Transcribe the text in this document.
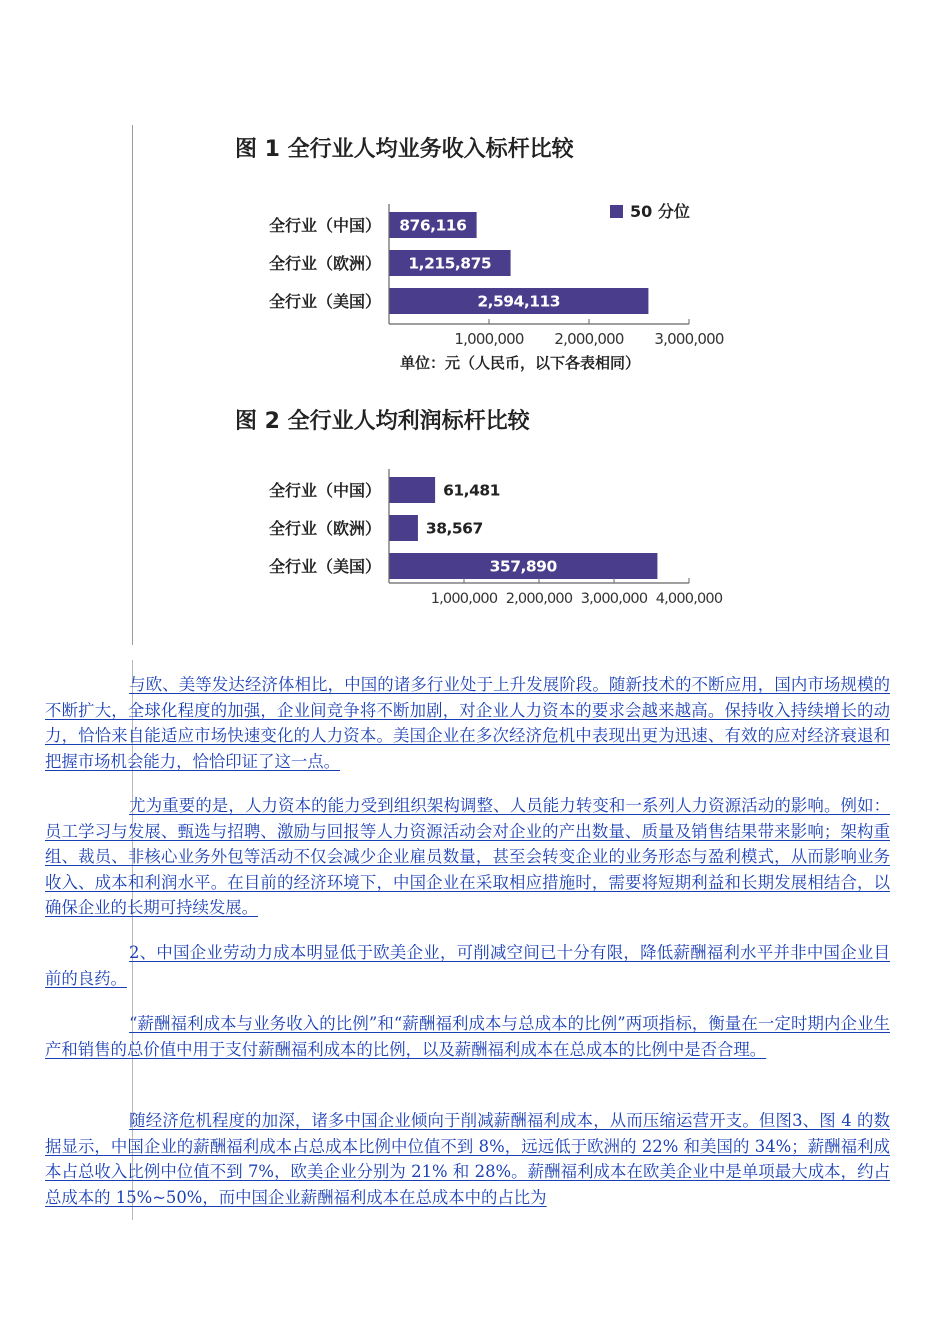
图 1 全行业人均业务收入标杆比较
全行业（中国） 876,116
全行业（欧洲） 1,215,875
全行业（美国）	2,594,113
1,000,000 2,000,000 3,000,000
50 分位
单位：元（人民币，以下各表相同）
图 2 全行业人均利润标杆比较
全行业（中国）	61,481
全行业（欧洲）	38,567
全行业（美国）	357,890
1,000,000 2,000,000 3,000,000 4,000,000

与欧、美等发达经济体相比，中国的诸多行业处于上升发展阶段。随新技术的不断应用，国内市场规模的不断扩大，全球化程度的加强，企业间竞争将不断加剧，对企业人力资本的要求会越来越高。保持收入持续增长的动力，恰恰来自能适应市场快速变化的人力资本。美国企业在多次经济危机中表现出更为迅速、有效的应对经济衰退和把握市场机会能力，恰恰印证了这一点。

尤为重要的是，人力资本的能力受到组织架构调整、人员能力转变和一系列人力资源活动的影响。例如：员工学习与发展、甄选与招聘、激励与回报等人力资源活动会对企业的产出数量、质量及销售结果带来影响；架构重组、裁员、非核心业务外包等活动不仅会减少企业雇员数量，甚至会转变企业的业务形态与盈利模式，从而影响业务收入、成本和利润水平。在目前的经济环境下，中国企业在采取相应措施时，需要将短期利益和长期发展相结合，以确保企业的长期可持续发展。

2、中国企业劳动力成本明显低于欧美企业，可削减空间已十分有限，降低薪酬福利水平并非中国企业目前的良药。

“薪酬福利成本与业务收入的比例”和“薪酬福利成本与总成本的比例”两项指标，衡量在一定时期内企业生产和销售的总价值中用于支付薪酬福利成本的比例，以及薪酬福利成本在总成本的比例中是否合理。

随经济危机程度的加深，诸多中国企业倾向于削减薪酬福利成本，从而压缩运营开支。但图3、图 4 的数据显示，中国企业的薪酬福利成本占总成本比例中位值不到 8%，远远低于欧洲的 22% 和美国的 34%；薪酬福利成本占总收入比例中位值不到 7%，欧美企业分别为 21% 和 28%。薪酬福利成本在欧美企业中是单项最大成本，约占总成本的 15%~50%，而中国企业薪酬福利成本在总成本中的占比为
